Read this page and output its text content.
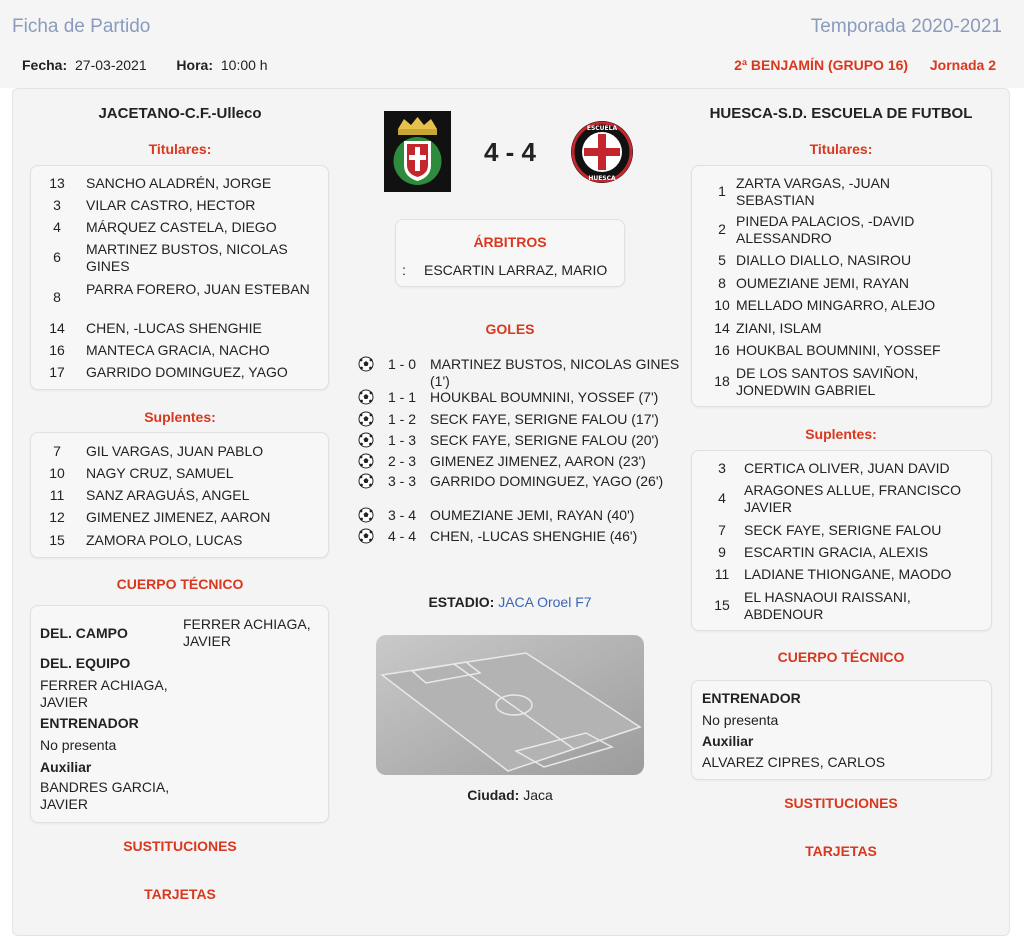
Ficha de Partido	Temporada 2020-2021
Fecha: 27-03-2021 Hora: 10:00 h	2ª BENJAMÍN (GRUPO 16) Jornada 2
JACETANO-C.F.-Ulleco
Titulares:
13	SANCHO ALADRÉN, JORGE
3	VILAR CASTRO, HECTOR
4	MÁRQUEZ CASTELA, DIEGO
6	MARTINEZ BUSTOS, NICOLAS GINES
8	PARRA FORERO, JUAN ESTEBAN
14	CHEN, -LUCAS SHENGHIE
16	MANTECA GRACIA, NACHO
17	GARRIDO DOMINGUEZ, YAGO
Suplentes:
7	GIL VARGAS, JUAN PABLO
10	NAGY CRUZ, SAMUEL
11	SANZ ARAGUÁS, ANGEL
12	GIMENEZ JIMENEZ, AARON
15	ZAMORA POLO, LUCAS
CUERPO TÉCNICO
DEL. CAMPO
FERRER ACHIAGA, JAVIER
DEL. EQUIPO
FERRER ACHIAGA, JAVIER
ENTRENADOR
No presenta
Auxiliar
BANDRES GARCIA, JAVIER
SUSTITUCIONES
TARJETAS
4 - 4
ESCUELA
HUESCA
ÁRBITROS
: ESCARTIN LARRAZ, MARIO
GOLES
1 - 0 MARTINEZ BUSTOS, NICOLAS GINES (1')
1 - 1 HOUKBAL BOUMNINI, YOSSEF (7')
1 - 2 SECK FAYE, SERIGNE FALOU (17')
1 - 3 SECK FAYE, SERIGNE FALOU (20')
2 - 3 GIMENEZ JIMENEZ, AARON (23')
3 - 3 GARRIDO DOMINGUEZ, YAGO (26')
3 - 4 OUMEZIANE JEMI, RAYAN (40')
4 - 4 CHEN, -LUCAS SHENGHIE (46')
ESTADIO: JACA Oroel F7
Ciudad: Jaca
HUESCA-S.D. ESCUELA DE FUTBOL
Titulares:
1 ZARTA VARGAS, -JUAN SEBASTIAN
2 PINEDA PALACIOS, -DAVID ALESSANDRO
5 DIALLO DIALLO, NASIROU
8 OUMEZIANE JEMI, RAYAN
10 MELLADO MINGARRO, ALEJO
14 ZIANI, ISLAM
16 HOUKBAL BOUMNINI, YOSSEF
18 DE LOS SANTOS SAVIÑON, JONEDWIN GABRIEL
Suplentes:
3	CERTICA OLIVER, JUAN DAVID
4	ARAGONES ALLUE, FRANCISCO JAVIER
7	SECK FAYE, SERIGNE FALOU
9	ESCARTIN GRACIA, ALEXIS
11	LADIANE THIONGANE, MAODO
15	EL HASNAOUI RAISSANI, ABDENOUR
CUERPO TÉCNICO
ENTRENADOR
No presenta
Auxiliar
ALVAREZ CIPRES, CARLOS
SUSTITUCIONES
TARJETAS
